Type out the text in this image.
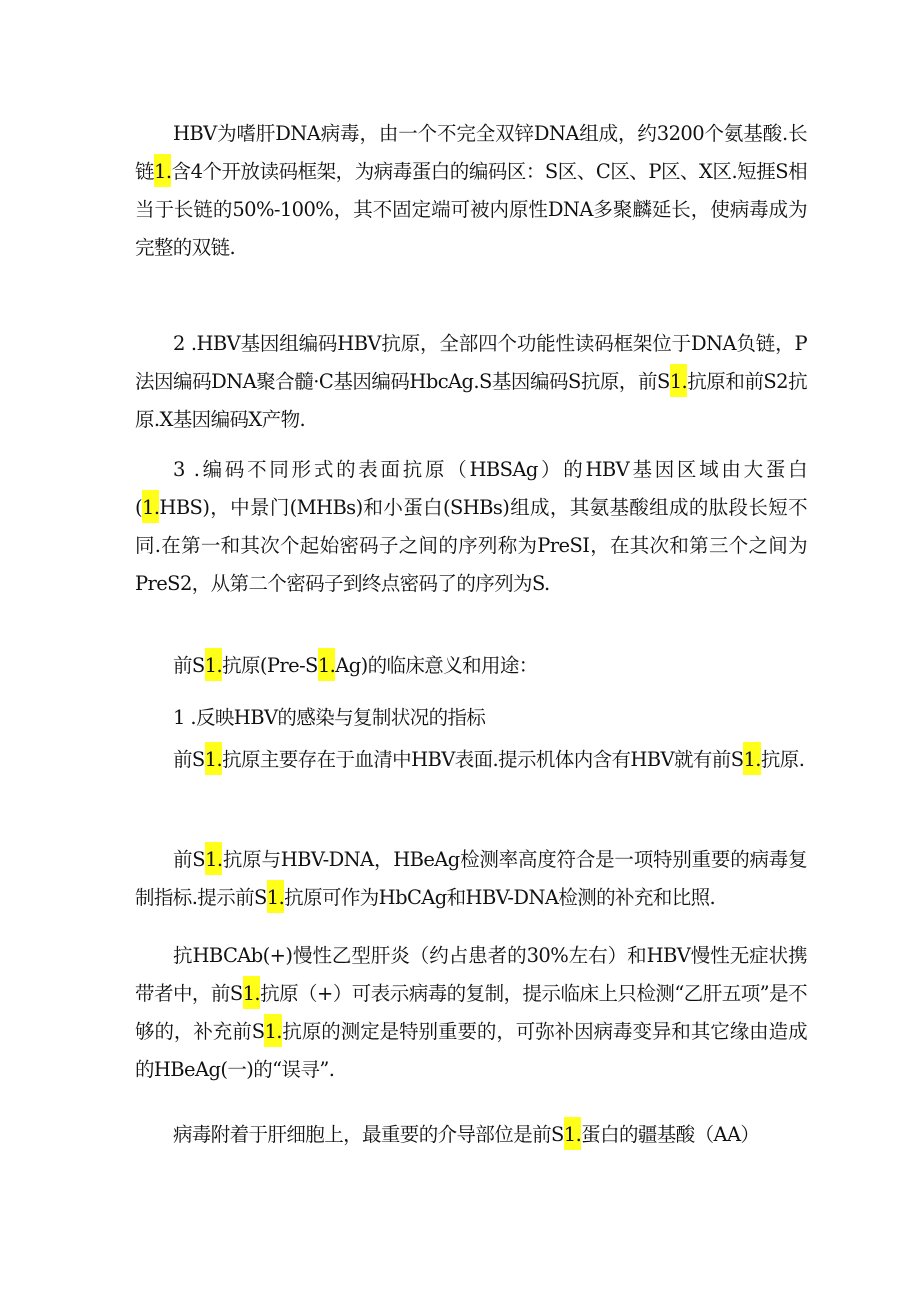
HBV为嗜肝DNA病毒，由一个不完全双锌DNA组成，约3200个氨基酸.长链1.含4个开放读码框架，为病毒蛋白的编码区：S区、C区、P区、X区.短捱S相当于长链的50%-100%，其不固定端可被内原性DNA多聚麟延长，使病毒成为完整的双链.

2 .HBV基因组编码HBV抗原，全部四个功能性读码框架位于DNA负链，P法因编码DNA聚合髓·C基因编码HbcAg.S基因编码S抗原，前S1.抗原和前S2抗原.X基因编码X产物.

3 .编码不同形式的表面抗原（HBSAg）的HBV基因区域由大蛋白(1.HBS)，中景门(MHBs)和小蛋白(SHBs)组成，其氨基酸组成的肽段长短不同.在第一和其次个起始密码子之间的序列称为PreSI，在其次和第三个之间为PreS2，从第二个密码子到终点密码了的序列为S.

前S1.抗原(Pre-S1.Ag)的临床意义和用途：

1 .反映HBV的感染与复制状况的指标

前S1.抗原主要存在于血清中HBV表面.提示机体内含有HBV就有前S1.抗原.

前S1.抗原与HBV-DNA，HBeAg检测率高度符合是一项特别重要的病毒复制指标.提示前S1.抗原可作为HbCAg和HBV-DNA检测的补充和比照.

抗HBCAb(+)慢性乙型肝炎（约占患者的30%左右）和HBV慢性无症状携带者中，前S1.抗原（+）可表示病毒的复制，提示临床上只检测“乙肝五项”是不够的，补充前S1.抗原的测定是特别重要的，可弥补因病毒变异和其它缘由造成的HBeAg(一)的“误寻”.

病毒附着于肝细胞上，最重要的介导部位是前S1.蛋白的疆基酸（AA）
